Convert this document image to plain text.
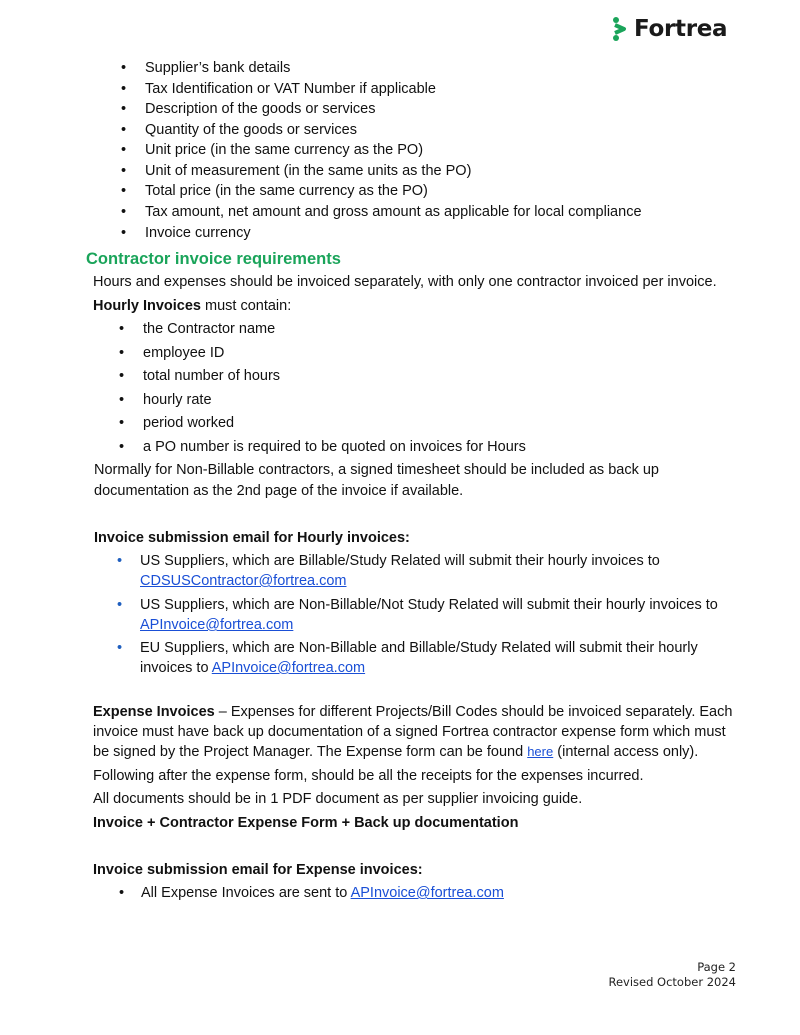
Fortrea
• Supplier’s bank details
• Tax Identification or VAT Number if applicable
• Description of the goods or services
• Quantity of the goods or services
• Unit price (in the same currency as the PO)
• Unit of measurement (in the same units as the PO)
• Total price (in the same currency as the PO)
• Tax amount, net amount and gross amount as applicable for local compliance
• Invoice currency
Contractor invoice requirements
Hours and expenses should be invoiced separately, with only one contractor invoiced per invoice.
Hourly Invoices must contain:
• the Contractor name
• employee ID
• total number of hours
• hourly rate
• period worked
• a PO number is required to be quoted on invoices for Hours
Normally for Non-Billable contractors, a signed timesheet should be included as back up
documentation as the 2nd page of the invoice if available.
Invoice submission email for Hourly invoices:
• US Suppliers, which are Billable/Study Related will submit their hourly invoices to
CDSUSContractor@fortrea.com
• US Suppliers, which are Non-Billable/Not Study Related will submit their hourly invoices to
APInvoice@fortrea.com
• EU Suppliers, which are Non-Billable and Billable/Study Related will submit their hourly
invoices to APInvoice@fortrea.com
Expense Invoices – Expenses for different Projects/Bill Codes should be invoiced separately. Each
invoice must have back up documentation of a signed Fortrea contractor expense form which must
be signed by the Project Manager. The Expense form can be found here (internal access only).
Following after the expense form, should be all the receipts for the expenses incurred.
All documents should be in 1 PDF document as per supplier invoicing guide.
Invoice + Contractor Expense Form + Back up documentation
Invoice submission email for Expense invoices:
• All Expense Invoices are sent to APInvoice@fortrea.com
Page 2
Revised October 2024
